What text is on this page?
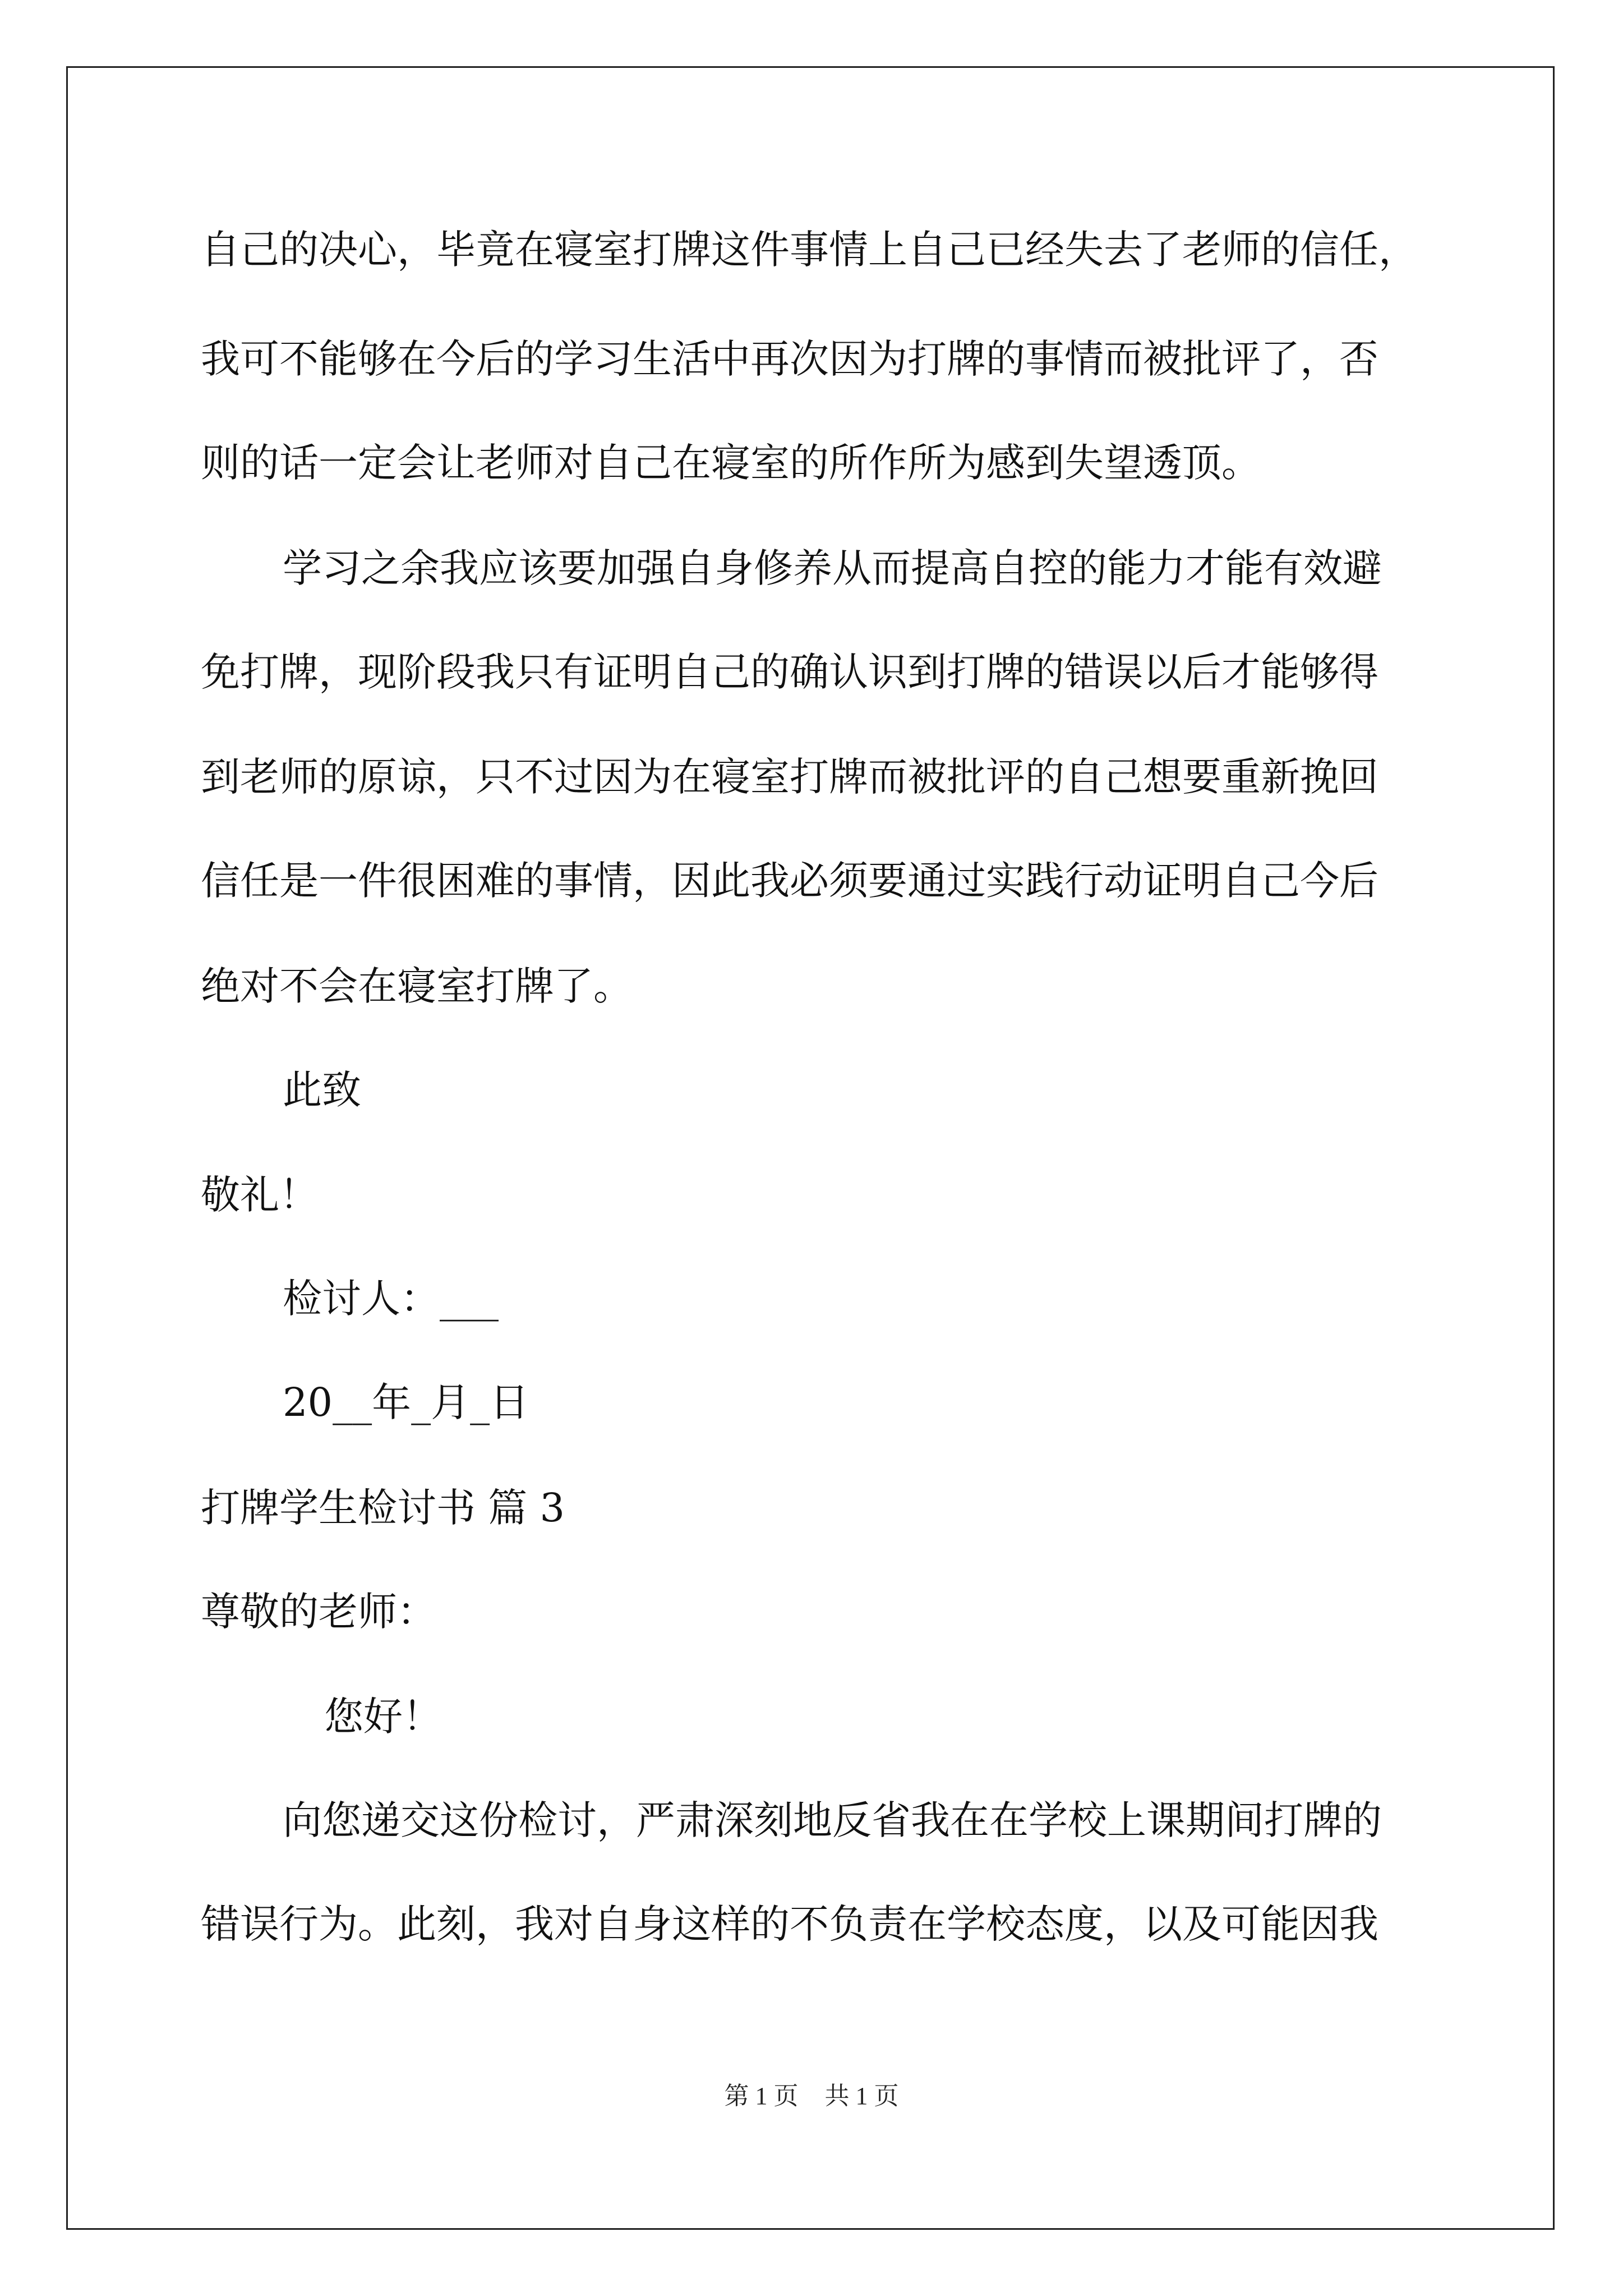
自己的决心，毕竟在寝室打牌这件事情上自己已经失去了老师的信任，
我可不能够在今后的学习生活中再次因为打牌的事情而被批评了，否
则的话一定会让老师对自己在寝室的所作所为感到失望透顶。
学习之余我应该要加强自身修养从而提高自控的能力才能有效避
免打牌，现阶段我只有证明自己的确认识到打牌的错误以后才能够得
到老师的原谅，只不过因为在寝室打牌而被批评的自己想要重新挽回
信任是一件很困难的事情，因此我必须要通过实践行动证明自己今后
绝对不会在寝室打牌了。
此致
敬礼！
检讨人：___
20__年_月_日
打牌学生检讨书 篇 3
尊敬的老师：
您好！
向您递交这份检讨，严肃深刻地反省我在在学校上课期间打牌的
错误行为。此刻，我对自身这样的不负责在学校态度，以及可能因我
第 1 页 共 1 页
